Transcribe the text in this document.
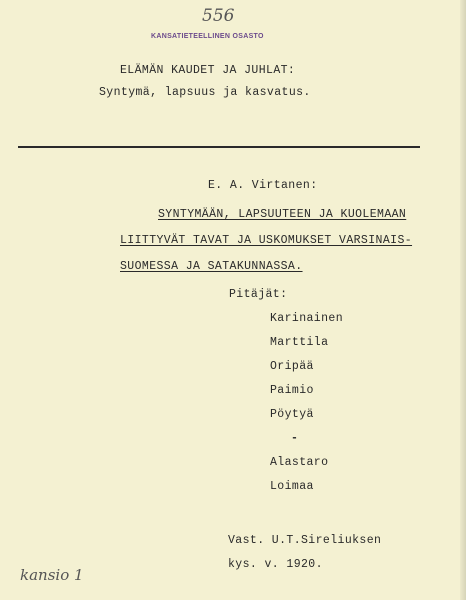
556
KANSATIETEELLINEN OSASTO
ELÄMÄN KAUDET JA JUHLAT:
Syntymä, lapsuus ja kasvatus.
E. A. Virtanen:
SYNTYMÄÄN, LAPSUUTEEN JA KUOLEMAAN
LIITTYVÄT TAVAT JA USKOMUKSET VARSINAIS-
SUOMESSA JA SATAKUNNASSA.
Pitäjät:
Karinainen
Marttila
Oripää
Paimio
Pöytyä
-
Alastaro
Loimaa
Vast. U.T.Sireliuksen
kys. v. 1920.
kansio 1
